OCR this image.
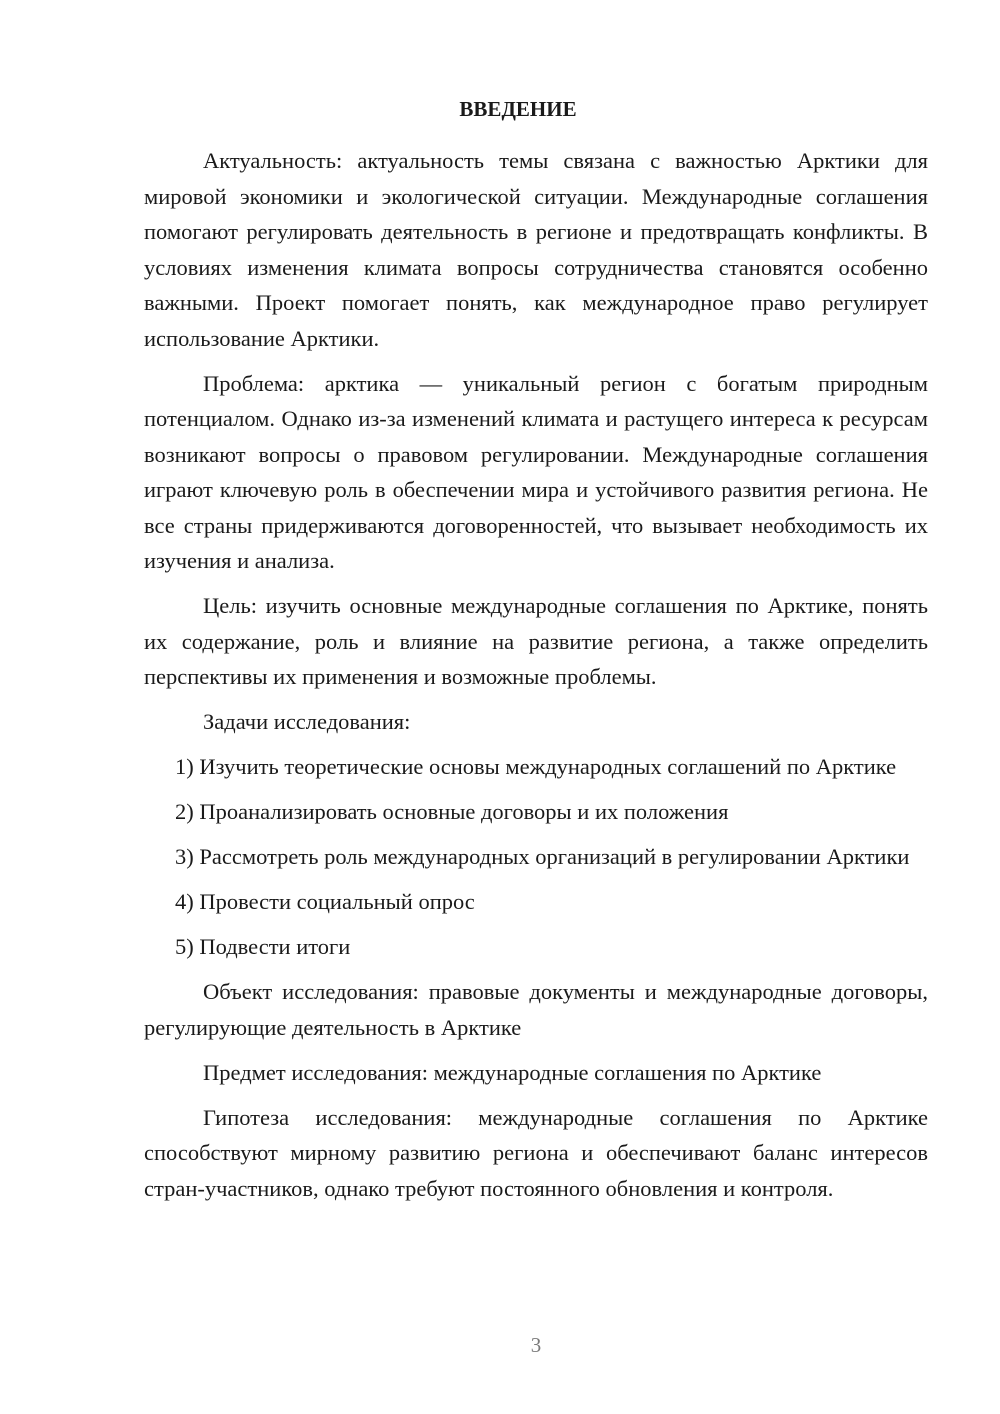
ВВЕДЕНИЕ

Актуальность: актуальность темы связана с важностью Арктики для мировой экономики и экологической ситуации. Международные соглашения помогают регулировать деятельность в регионе и предотвращать конфликты. В условиях изменения климата вопросы сотрудничества становятся особенно важными. Проект помогает понять, как международное право регулирует использование Арктики.

Проблема: арктика — уникальный регион с богатым природным потенциалом. Однако из-за изменений климата и растущего интереса к ресурсам возникают вопросы о правовом регулировании. Международные соглашения играют ключевую роль в обеспечении мира и устойчивого развития региона. Не все страны придерживаются договоренностей, что вызывает необходимость их изучения и анализа.

Цель: изучить основные международные соглашения по Арктике, понять их содержание, роль и влияние на развитие региона, а также определить перспективы их применения и возможные проблемы.

Задачи исследования:

1) Изучить теоретические основы международных соглашений по Арктике

2) Проанализировать основные договоры и их положения

3) Рассмотреть роль международных организаций в регулировании Арктики

4) Провести социальный опрос

5) Подвести итоги

Объект исследования: правовые документы и международные договоры, регулирующие деятельность в Арктике

Предмет исследования: международные соглашения по Арктике

Гипотеза исследования: международные соглашения по Арктике способствуют мирному развитию региона и обеспечивают баланс интересов стран-участников, однако требуют постоянного обновления и контроля.

3
